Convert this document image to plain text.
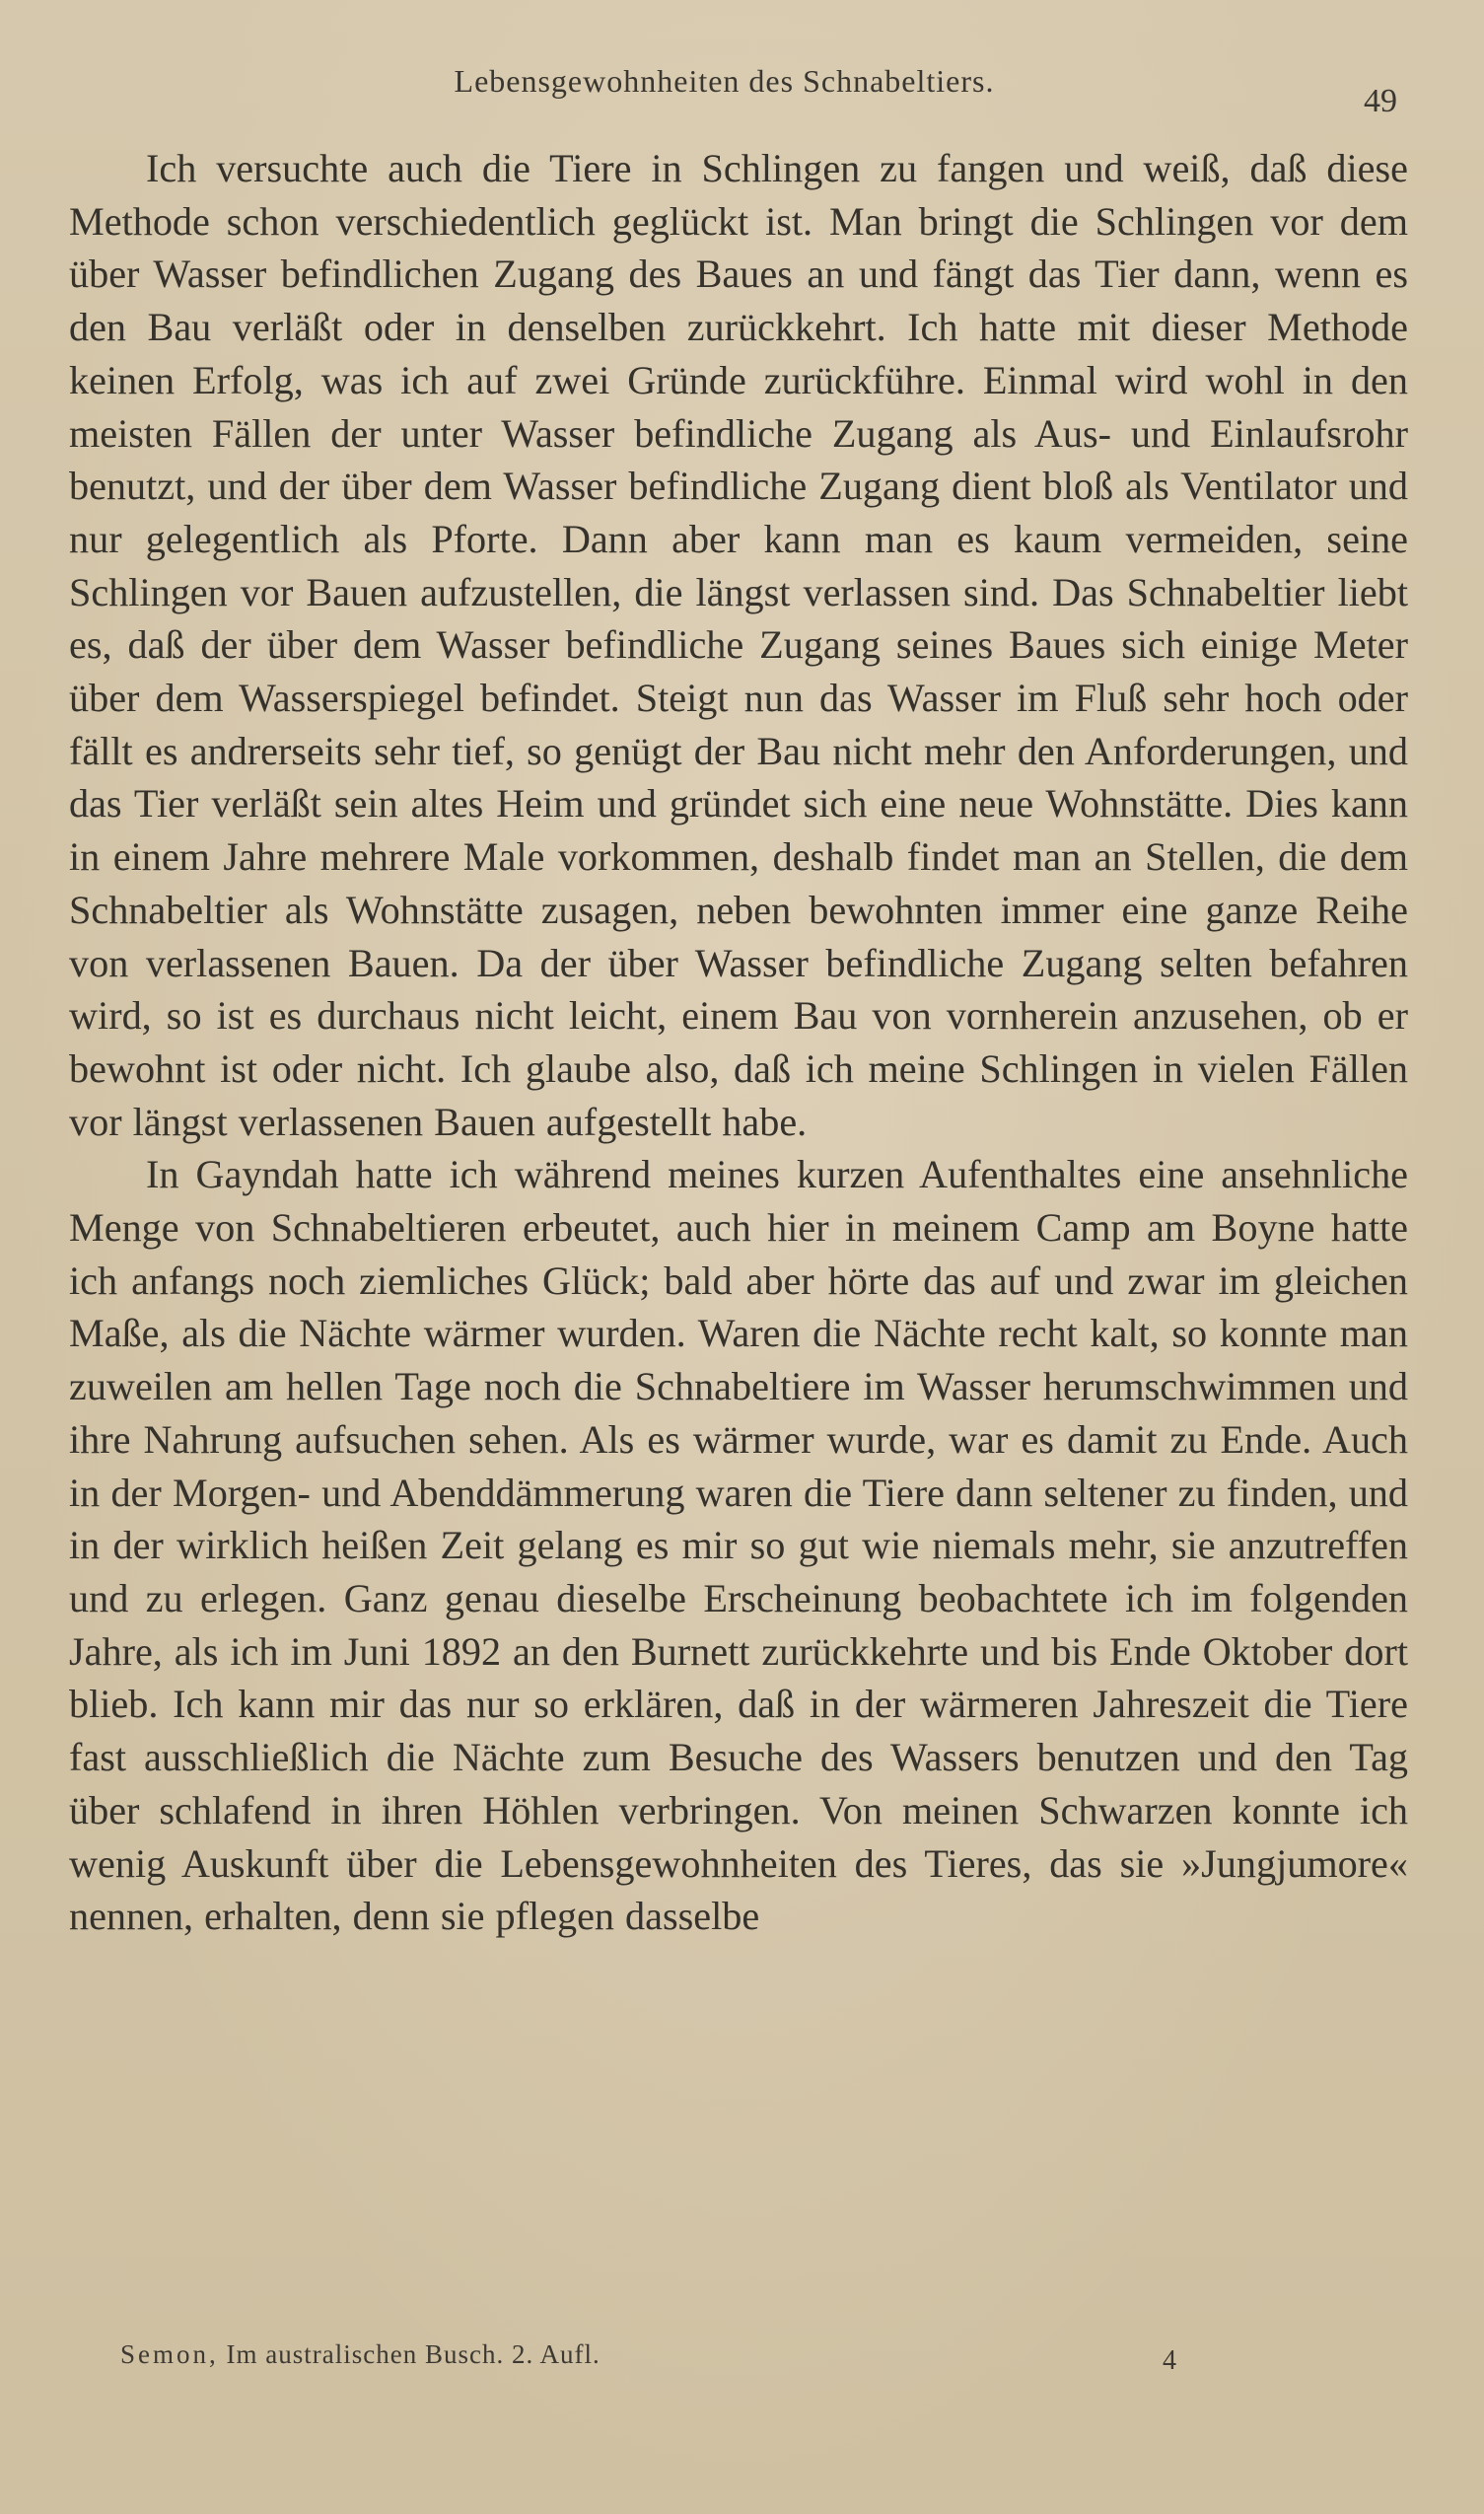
Lebensgewohnheiten des Schnabeltiers.
49

Ich versuchte auch die Tiere in Schlingen zu fangen und weiß, daß diese Methode schon verschiedentlich geglückt ist. Man bringt die Schlingen vor dem über Wasser befindlichen Zugang des Baues an und fängt das Tier dann, wenn es den Bau verläßt oder in denselben zurückkehrt. Ich hatte mit dieser Methode keinen Erfolg, was ich auf zwei Gründe zurückführe. Einmal wird wohl in den meisten Fällen der unter Wasser befindliche Zugang als Aus- und Einlaufsrohr benutzt, und der über dem Wasser befindliche Zugang dient bloß als Ventilator und nur gelegentlich als Pforte. Dann aber kann man es kaum vermeiden, seine Schlingen vor Bauen aufzustellen, die längst verlassen sind. Das Schnabeltier liebt es, daß der über dem Wasser befindliche Zugang seines Baues sich einige Meter über dem Wasserspiegel befindet. Steigt nun das Wasser im Fluß sehr hoch oder fällt es andrerseits sehr tief, so genügt der Bau nicht mehr den Anforderungen, und das Tier verläßt sein altes Heim und gründet sich eine neue Wohnstätte. Dies kann in einem Jahre mehrere Male vorkommen, deshalb findet man an Stellen, die dem Schnabeltier als Wohnstätte zusagen, neben bewohnten immer eine ganze Reihe von verlassenen Bauen. Da der über Wasser befindliche Zugang selten befahren wird, so ist es durchaus nicht leicht, einem Bau von vornherein anzusehen, ob er bewohnt ist oder nicht. Ich glaube also, daß ich meine Schlingen in vielen Fällen vor längst verlassenen Bauen aufgestellt habe.

In Gayndah hatte ich während meines kurzen Aufenthaltes eine ansehnliche Menge von Schnabeltieren erbeutet, auch hier in meinem Camp am Boyne hatte ich anfangs noch ziemliches Glück; bald aber hörte das auf und zwar im gleichen Maße, als die Nächte wärmer wurden. Waren die Nächte recht kalt, so konnte man zuweilen am hellen Tage noch die Schnabeltiere im Wasser herumschwimmen und ihre Nahrung aufsuchen sehen. Als es wärmer wurde, war es damit zu Ende. Auch in der Morgen- und Abenddämmerung waren die Tiere dann seltener zu finden, und in der wirklich heißen Zeit gelang es mir so gut wie niemals mehr, sie anzutreffen und zu erlegen. Ganz genau dieselbe Erscheinung beobachtete ich im folgenden Jahre, als ich im Juni 1892 an den Burnett zurückkehrte und bis Ende Oktober dort blieb. Ich kann mir das nur so erklären, daß in der wärmeren Jahreszeit die Tiere fast ausschließlich die Nächte zum Besuche des Wassers benutzen und den Tag über schlafend in ihren Höhlen verbringen. Von meinen Schwarzen konnte ich wenig Auskunft über die Lebensgewohnheiten des Tieres, das sie »Jungjumore« nennen, erhalten, denn sie pflegen dasselbe

Semon, Im australischen Busch. 2. Aufl.	4
